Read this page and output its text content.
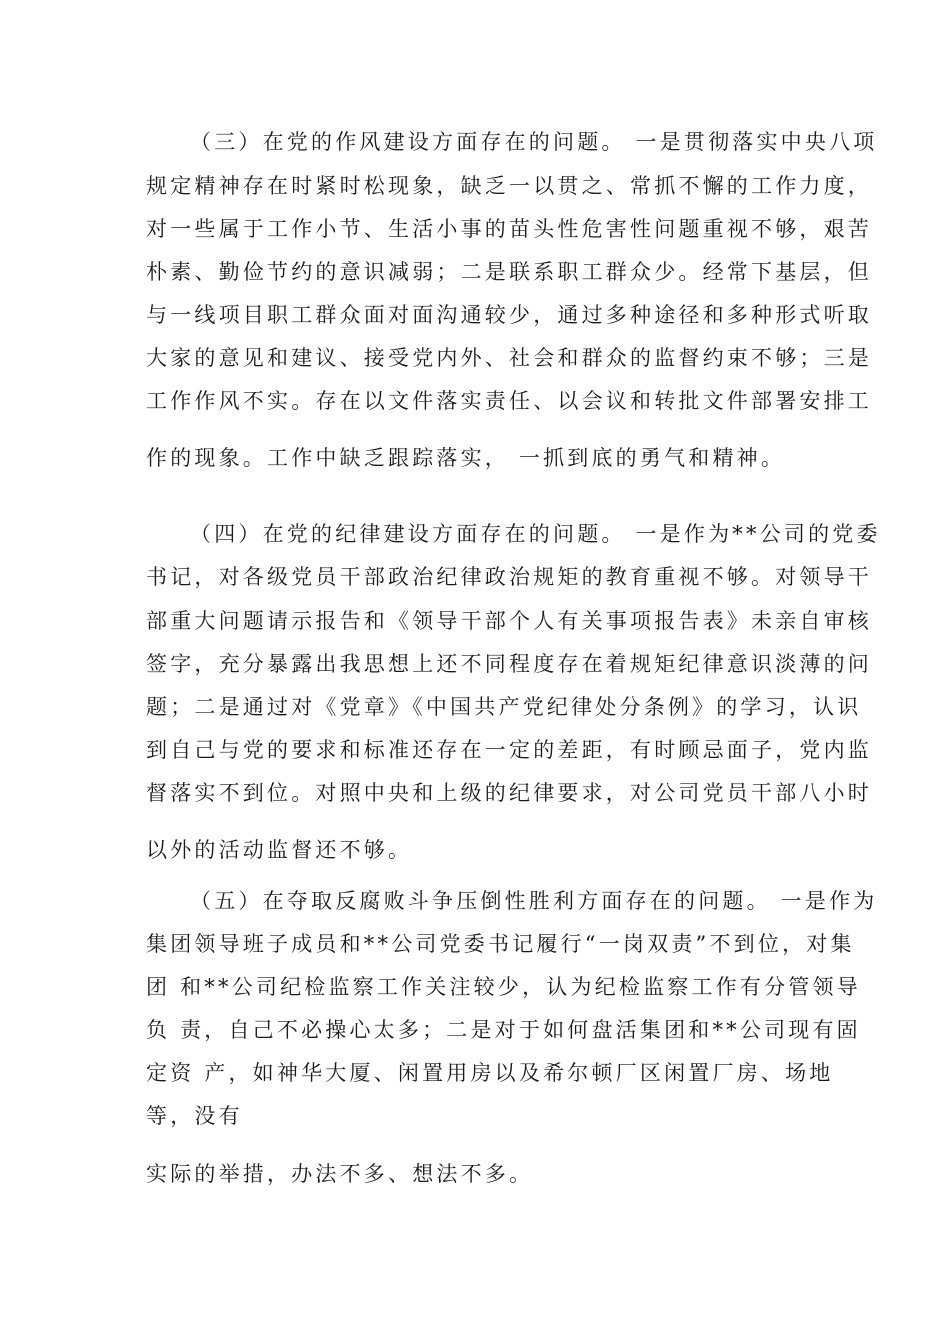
（三）在党的作风建设方面存在的问题。 一是贯彻落实中央八项
规定精神存在时紧时松现象，缺乏一以贯之、常抓不懈的工作力度，
对一些属于工作小节、生活小事的苗头性危害性问题重视不够，艰苦
朴素、勤俭节约的意识减弱；二是联系职工群众少。经常下基层，但
与一线项目职工群众面对面沟通较少，通过多种途径和多种形式听取
大家的意见和建议、接受党内外、社会和群众的监督约束不够；三是
工作作风不实。存在以文件落实责任、以会议和转批文件部署安排工
作的现象。工作中缺乏跟踪落实， 一抓到底的勇气和精神。
（四）在党的纪律建设方面存在的问题。 一是作为**公司的党委
书记，对各级党员干部政治纪律政治规矩的教育重视不够。对领导干
部重大问题请示报告和《领导干部个人有关事项报告表》未亲自审核
签字，充分暴露出我思想上还不同程度存在着规矩纪律意识淡薄的问
题；二是通过对《党章》《中国共产党纪律处分条例》的学习，认识
到自己与党的要求和标准还存在一定的差距，有时顾忌面子，党内监
督落实不到位。对照中央和上级的纪律要求，对公司党员干部八小时
以外的活动监督还不够。
（五）在夺取反腐败斗争压倒性胜利方面存在的问题。 一是作为
集团领导班子成员和**公司党委书记履行“一岗双责”不到位，对集
团 和**公司纪检监察工作关注较少，认为纪检监察工作有分管领导
负 责，自己不必操心太多；二是对于如何盘活集团和**公司现有固
定资 产，如神华大厦、闲置用房以及希尔顿厂区闲置厂房、场地
等，没有
实际的举措，办法不多、想法不多。
